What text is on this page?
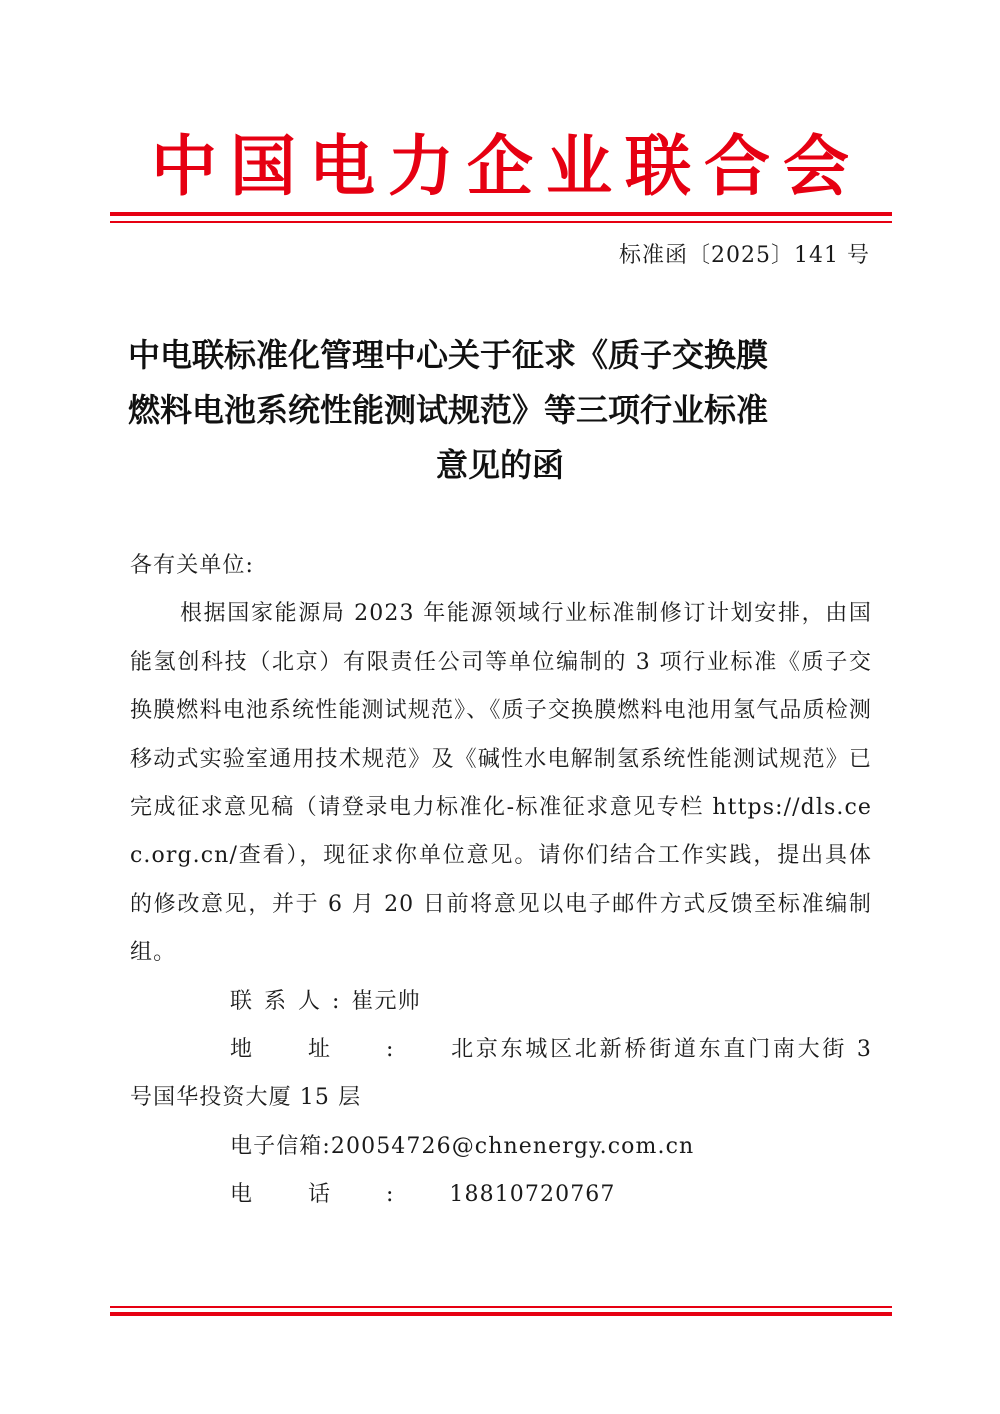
中国电力企业联合会
标准函〔2025〕141 号
中电联标准化管理中心关于征求《质子交换膜
燃料电池系统性能测试规范》等三项行业标准
意见的函

各有关单位:

根据国家能源局 2023 年能源领域行业标准制修订计划安排，由国能氢创科技（北京）有限责任公司等单位编制的 3 项行业标准《质子交换膜燃料电池系统性能测试规范》、《质子交换膜燃料电池用氢气品质检测移动式实验室通用技术规范》及《碱性水电解制氢系统性能测试规范》已完成征求意见稿（请登录电力标准化-标准征求意见专栏 https://dls.cec.org.cn/查看），现征求你单位意见。请你们结合工作实践，提出具体的修改意见，并于 6 月 20 日前将意见以电子邮件方式反馈至标准编制组。

联系人:崔元帅

地址:北京东城区北新桥街道东直门南大街 3 号国华投资大厦 15 层

电子信箱:20054726@chnenergy.com.cn

电话:18810720767
